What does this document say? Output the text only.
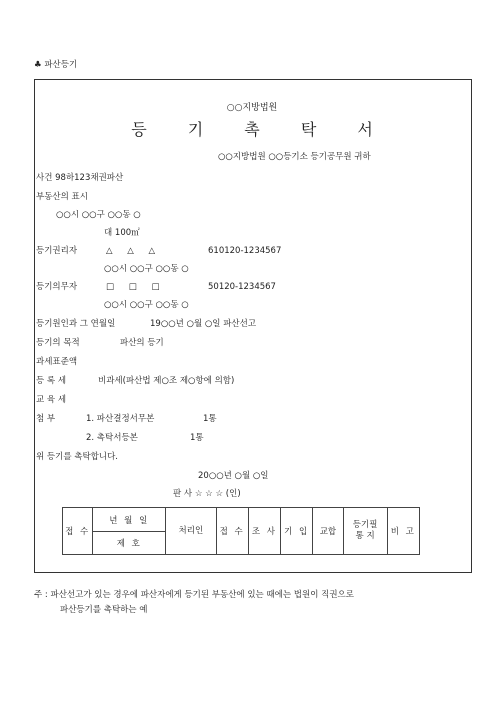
♣ 파산등기
○○지방법원
등 기 촉 탁 서
○○지방법원 ○○등기소 등기공무원 귀하
사건 98하123채권파산
부동산의 표시
○○시 ○○구 ○○동 ○
대 100㎡
등기권리자	△ △ △	610120-1234567
○○시 ○○구 ○○동 ○
등기의무자	□ □ □	50120-1234567
○○시 ○○구 ○○동 ○
등기원인과 그 연월일	19○○년 ○월 ○일 파산선고
등기의 목적	파산의 등기
과세표준액
등 록 세	비과세(파산법 제○조 제○항에 의함)
교 육 세
첨 부	1. 파산결정서무본	1통
2. 촉탁서등본	1통
위 등기를 촉탁합니다.
20○○년 ○월 ○일
판 사 ☆ ☆ ☆ (인)
접 수	년 월 일	처리인	접 수	조 사	기 입	교합	등기필 통 지	비 고
제 호
주 : 파산선고가 있는 경우에 파산자에게 등기된 부동산에 있는 때에는 법원이 직권으로
파산등기를 촉탁하는 예
